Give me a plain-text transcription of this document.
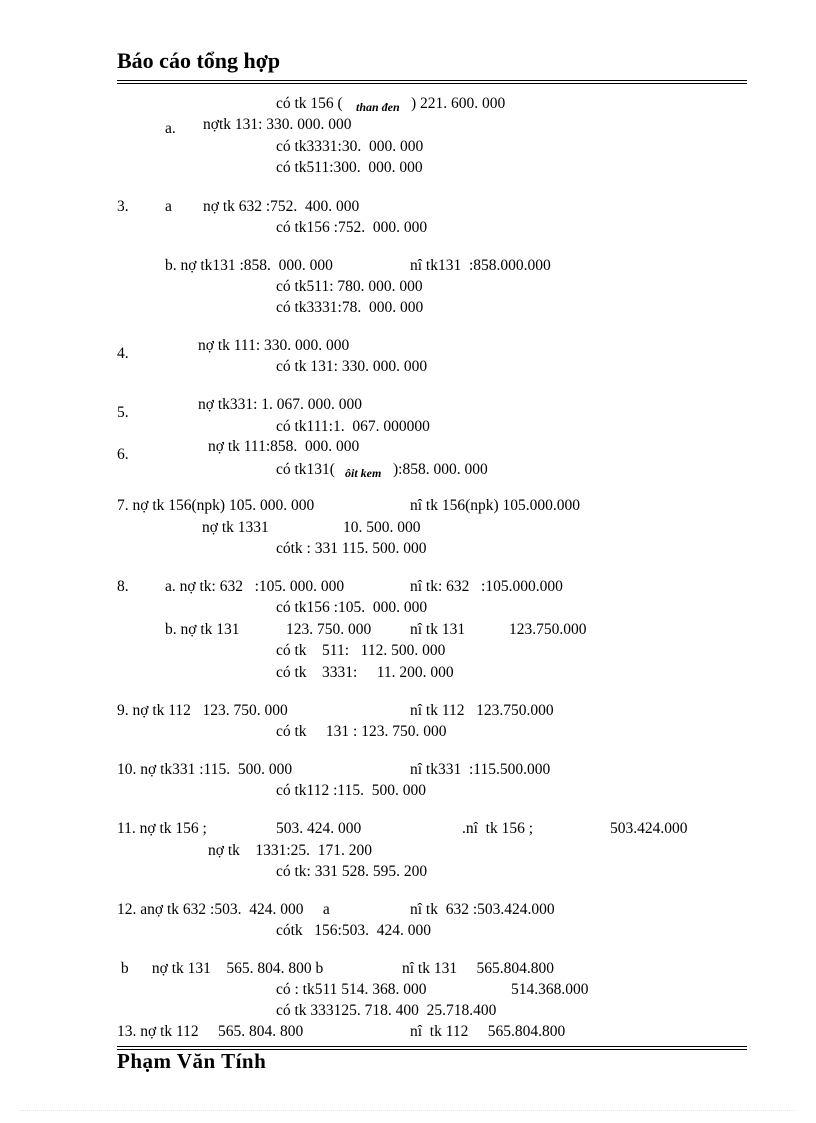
Báo cáo tổng hợp
có tk 156 ( than đen ) 221. 600. 000
a. nợtk 131: 330. 000. 000
có tk3331:30.  000. 000
có tk511:300.  000. 000
3. a nợ tk 632 :752.  400. 000
có tk156 :752.  000. 000
b. nợ tk131 :858.  000. 000	nî tk131  :858.000.000
có tk511: 780. 000. 000
có tk3331:78.  000. 000
4.	nợ tk 111: 330. 000. 000
có tk 131: 330. 000. 000
5.	nợ tk331: 1. 067. 000. 000
có tk111:1.  067. 000000
6.	nợ tk 111:858.  000. 000
có tk131( ôit kem ):858. 000. 000
7. nợ tk 156(npk) 105. 000. 000	nî tk 156(npk) 105.000.000
nợ tk 1331	10. 500. 000
cótk : 331 115. 500. 000
8. a. nợ tk: 632   :105. 000. 000	nî tk: 632   :105.000.000
có tk156 :105.  000. 000
b. nợ tk 131	123. 750. 000	nî tk 131	123.750.000
có tk    511:   112. 500. 000
có tk    3331:     11. 200. 000
9. nợ tk 112   123. 750. 000	nî tk 112   123.750.000
có tk     131 : 123. 750. 000
10. nợ tk331 :115.  500. 000	nî tk331  :115.500.000
có tk112 :115.  500. 000
11. nợ tk 156 ;	503. 424. 000	.nî  tk 156 ;	503.424.000
nợ tk    1331:25.  171. 200
có tk: 331 528. 595. 200
12. anợ tk 632 :503.  424. 000     a	nî tk  632 :503.424.000
cótk   156:503.  424. 000
b      nợ tk 131    565. 804. 800 b	nî tk 131     565.804.800
có : tk511 514. 368. 000	514.368.000
có tk 333125. 718. 400  25.718.400
13. nợ tk 112     565. 804. 800	nî  tk 112     565.804.800
Phạm Văn Tính
